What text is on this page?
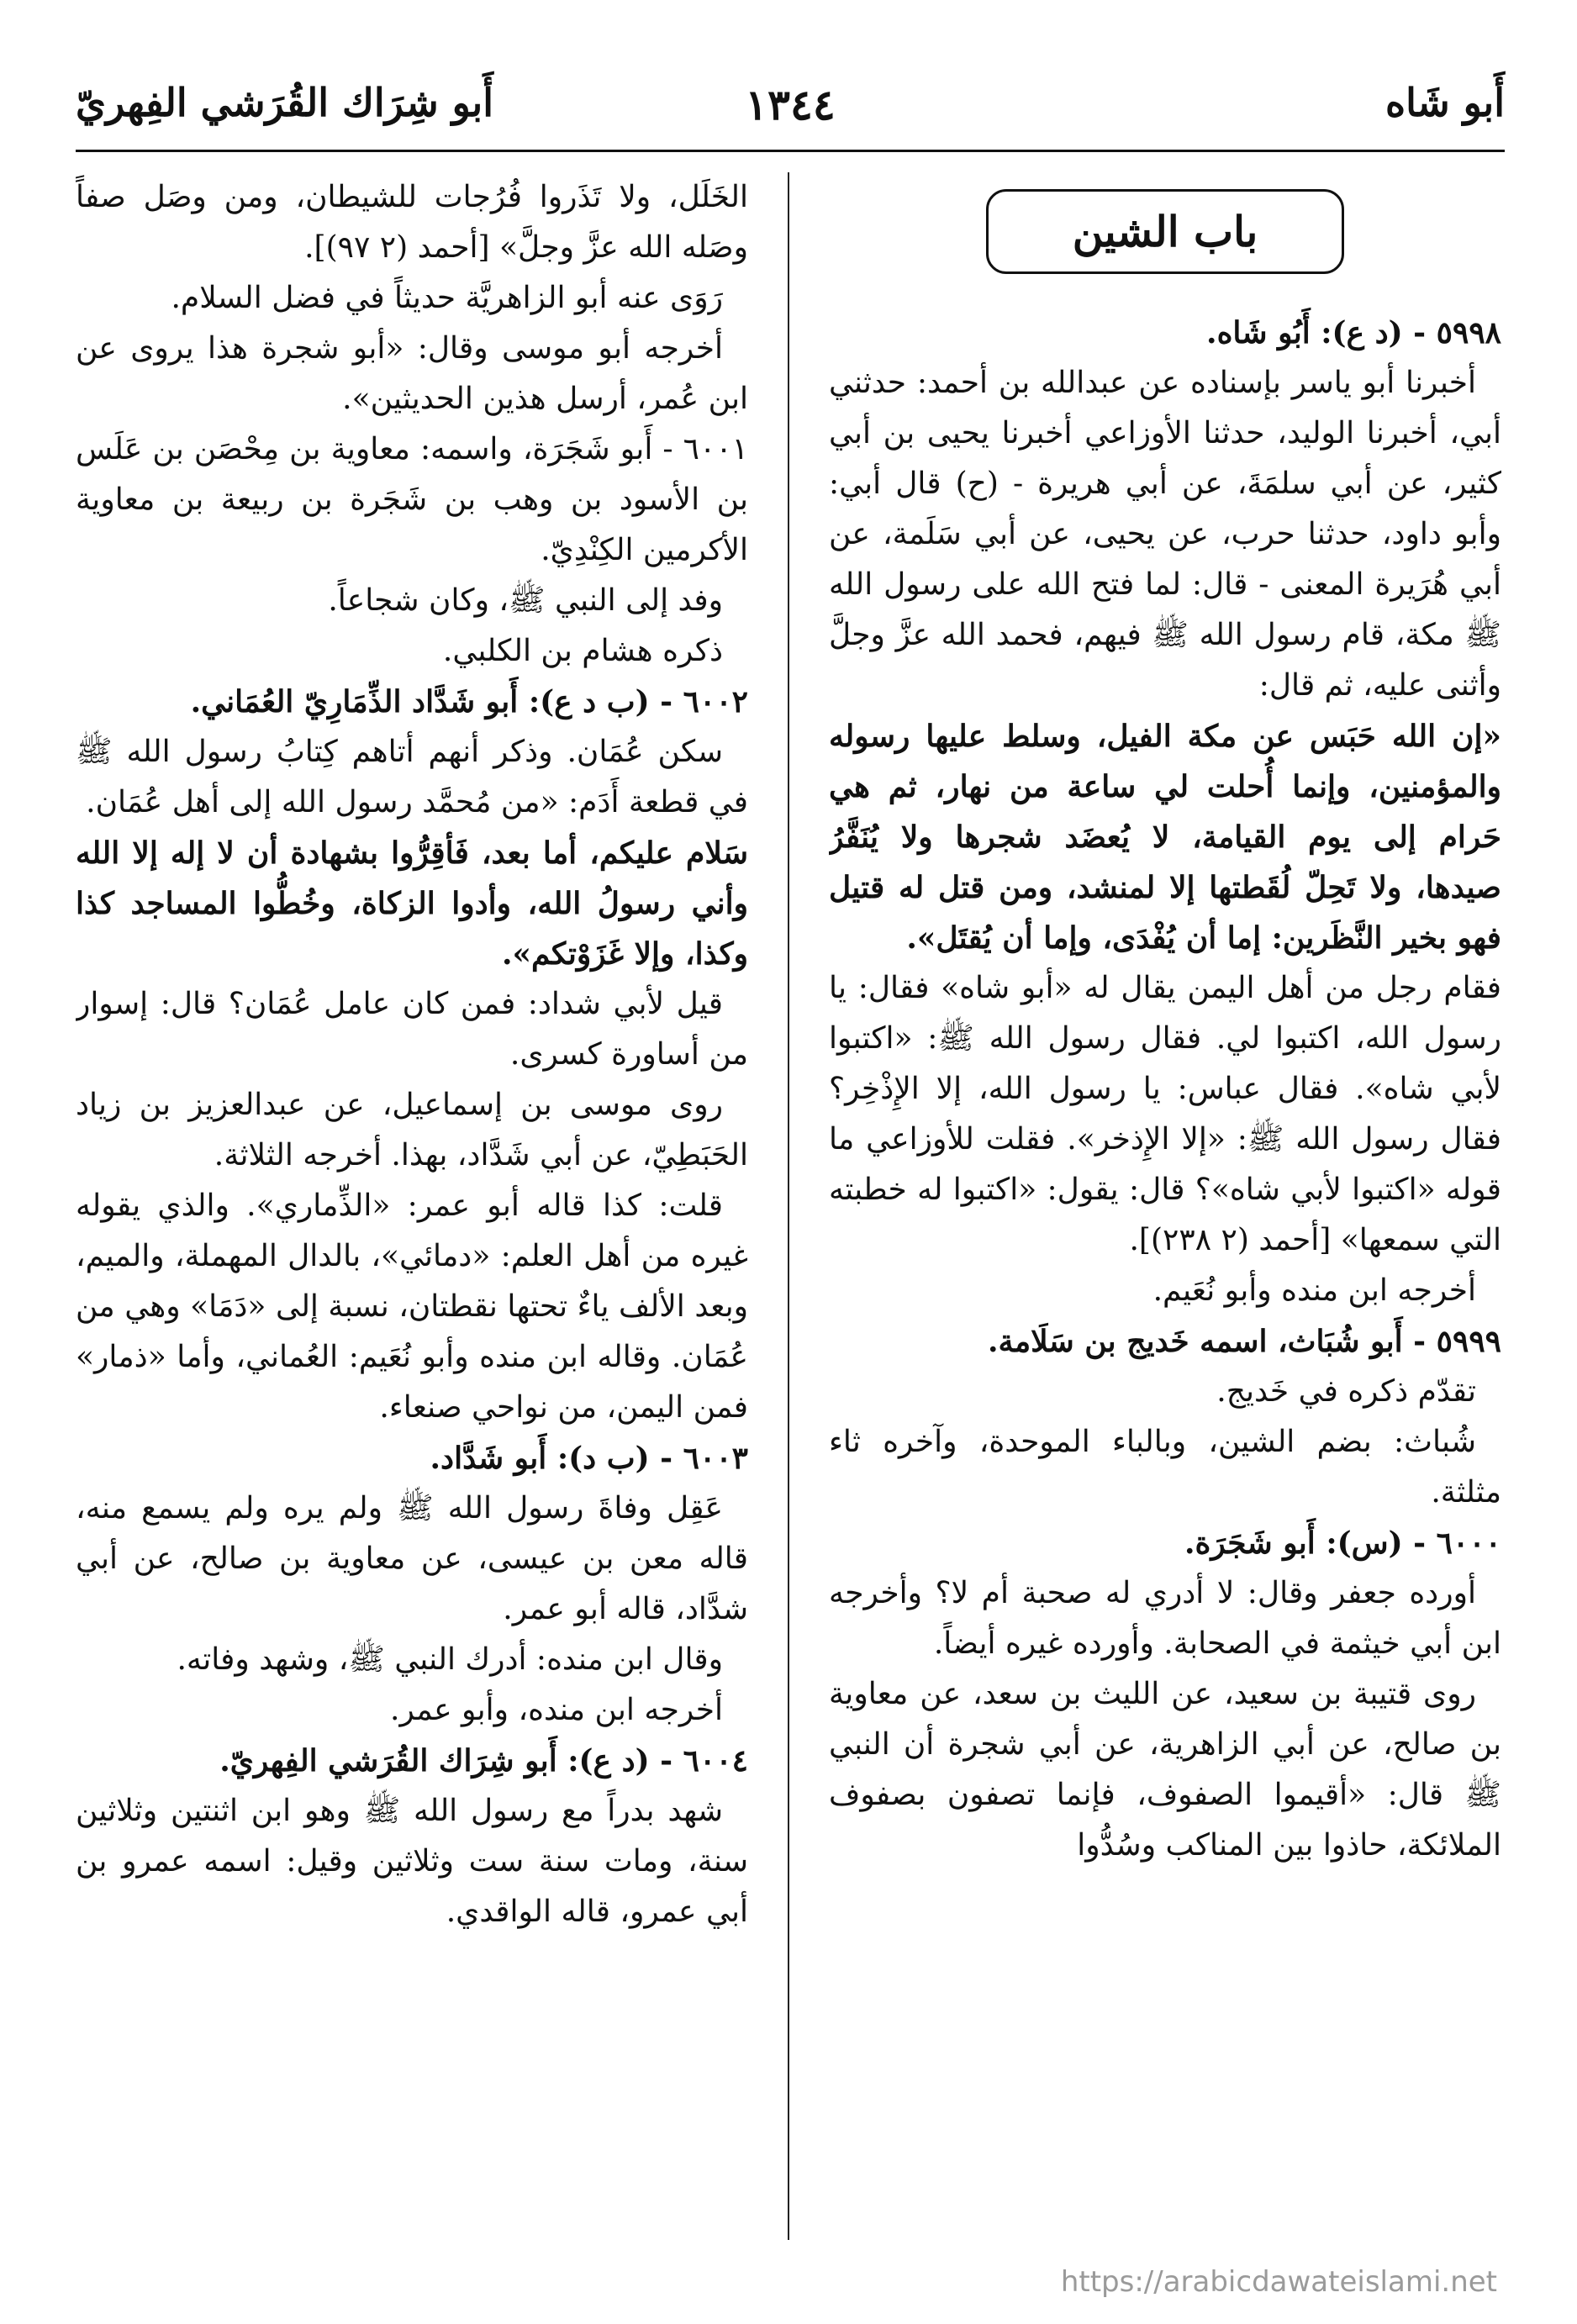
أَبو شَاه
١٣٤٤
أَبو شِرَاك القُرَشي الفِهريّ
باب الشين

٥٩٩٨ - (د ع): أَبُو شَاه.

أخبرنا أبو ياسر بإسناده عن عبدالله بن أحمد: حدثني أبي، أخبرنا الوليد، حدثنا الأوزاعي أخبرنا يحيى بن أبي كثير، عن أبي سلمَةَ، عن أبي هريرة - (ح) قال أبي: وأبو داود، حدثنا حرب، عن يحيى، عن أبي سَلَمة، عن أبي هُرَيرة المعنى - قال: لما فتح الله على رسول الله ﷺ مكة، قام رسول الله ﷺ فيهم، فحمد الله عزَّ وجلَّ وأثنى عليه، ثم قال:

«إن الله حَبَس عن مكة الفيل، وسلط عليها رسوله والمؤمنين، وإنما أُحلت لي ساعة من نهار، ثم هي حَرام إلى يوم القيامة، لا يُعضَد شجرها ولا يُنَفَّرُ صيدها، ولا تَحِلّ لُقَطتها إلا لمنشد، ومن قتل له قتيل فهو بخير النَّظَرين: إما أن يُفْدَى، وإما أن يُقتَل».

فقام رجل من أهل اليمن يقال له «أبو شاه» فقال: يا رسول الله، اكتبوا لي. فقال رسول الله ﷺ: «اكتبوا لأبي شاه». فقال عباس: يا رسول الله، إلا الإِذْخِر؟ فقال رسول الله ﷺ: «إلا الإِذخر». فقلت للأوزاعي ما قوله «اكتبوا لأبي شاه»؟ قال: يقول: «اكتبوا له خطبته التي سمعها» [أحمد (٢ ٢٣٨)].

أخرجه ابن منده وأبو نُعَيم.

٥٩٩٩ - أَبو شُبَاث، اسمه خَديج بن سَلَامة.

تقدّم ذكره في خَديج.

شُباث: بضم الشين، وبالباء الموحدة، وآخره ثاء مثلثة.

٦٠٠٠ - (س): أَبو شَجَرَة.

أورده جعفر وقال: لا أدري له صحبة أم لا؟ وأخرجه ابن أبي خيثمة في الصحابة. وأورده غيره أيضاً.

روى قتيبة بن سعيد، عن الليث بن سعد، عن معاوية بن صالح، عن أبي الزاهرية، عن أبي شجرة أن النبي ﷺ قال: «أقيموا الصفوف، فإنما تصفون بصفوف الملائكة، حاذوا بين المناكب وسُدُّوا

الخَلَل، ولا تَذَروا فُرُجات للشيطان، ومن وصَل صفاً وصَله الله عزَّ وجلَّ» [أحمد (٢ ٩٧)].

رَوَى عنه أبو الزاهريَّة حديثاً في فضل السلام.

أخرجه أبو موسى وقال: «أبو شجرة هذا يروى عن ابن عُمر، أرسل هذين الحديثين».

٦٠٠١ - أَبو شَجَرَة، واسمه: معاوية بن مِحْصَن بن عَلَس بن الأسود بن وهب بن شَجَرة بن ربيعة بن معاوية الأكرمين الكِنْدِيّ.

وفد إلى النبي ﷺ، وكان شجاعاً.

ذكره هشام بن الكلبي.

٦٠٠٢ - (ب د ع): أَبو شَدَّاد الذِّمَارِيّ العُمَاني.

سكن عُمَان. وذكر أنهم أتاهم كِتابُ رسول الله ﷺ في قطعة أَدَم: «من مُحمَّد رسول الله إلى أهل عُمَان.

سَلام عليكم، أما بعد، فَأقِرُّوا بشهادة أن لا إله إلا الله وأني رسولُ الله، وأدوا الزكاة، وخُطُّوا المساجد كذا وكذا، وإلا غَزَوْتكم».

قيل لأبي شداد: فمن كان عامل عُمَان؟ قال: إسوار من أساورة كسرى.

روى موسى بن إسماعيل، عن عبدالعزيز بن زياد الحَبَطِيّ، عن أبي شَدَّاد، بهذا. أخرجه الثلاثة.

قلت: كذا قاله أبو عمر: «الذِّماري». والذي يقوله غيره من أهل العلم: «دمائي»، بالدال المهملة، والميم، وبعد الألف ياءٌ تحتها نقطتان، نسبة إلى «دَمَا» وهي من عُمَان. وقاله ابن منده وأبو نُعَيم: العُماني، وأما «ذمار» فمن اليمن، من نواحي صنعاء.

٦٠٠٣ - (ب د): أَبو شَدَّاد.

عَقِل وفاةَ رسول الله ﷺ ولم يره ولم يسمع منه، قاله معن بن عيسى، عن معاوية بن صالح، عن أبي شدَّاد، قاله أبو عمر.

وقال ابن منده: أدرك النبي ﷺ، وشهد وفاته.

أخرجه ابن منده، وأبو عمر.

٦٠٠٤ - (د ع): أَبو شِرَاك القُرَشي الفِهريّ.

شهد بدراً مع رسول الله ﷺ وهو ابن اثنتين وثلاثين سنة، ومات سنة ست وثلاثين وقيل: اسمه عمرو بن أبي عمرو، قاله الواقدي.

https://arabicdawateislami.net
